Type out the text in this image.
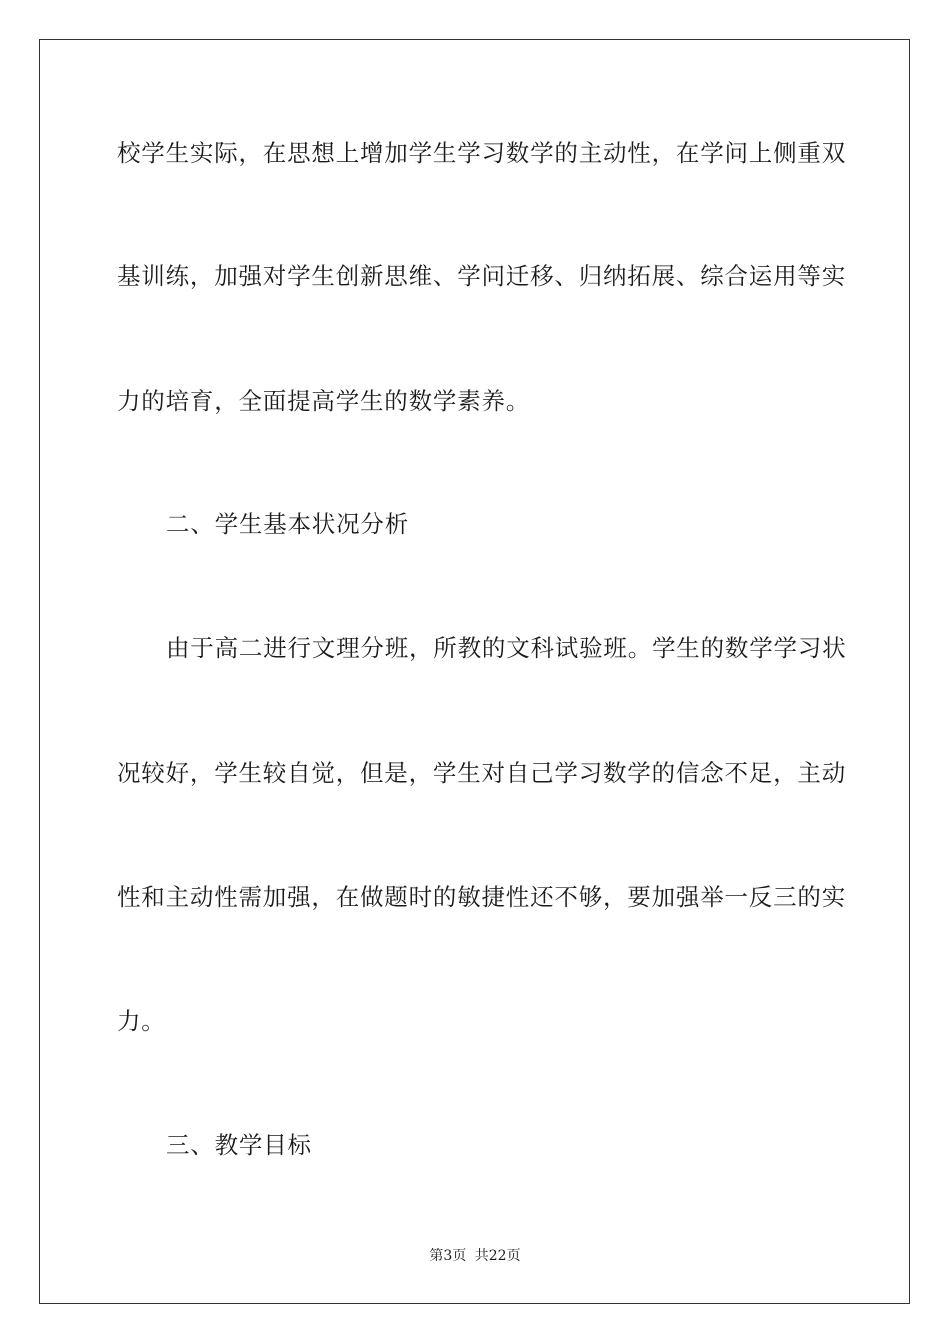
校学生实际，在思想上增加学生学习数学的主动性，在学问上侧重双

基训练，加强对学生创新思维、学问迁移、归纳拓展、综合运用等实

力的培育，全面提高学生的数学素养。

二、学生基本状况分析

由于高二进行文理分班，所教的文科试验班。学生的数学学习状

况较好，学生较自觉，但是，学生对自己学习数学的信念不足，主动

性和主动性需加强，在做题时的敏捷性还不够，要加强举一反三的实

力。

三、教学目标

第3页 共22页
